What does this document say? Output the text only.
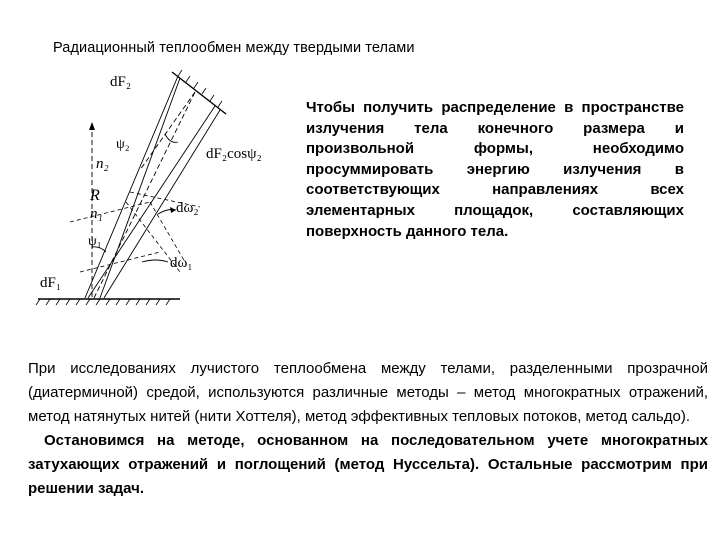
Радиационный теплообмен между твердыми телами
dF₂
dF₂cosψ₂
ψ₂
n₂
R
n₁	dω₂
ψ₁
dω₁
dF₁
Чтобы получить распределение в пространстве излучения тела конечного размера и произвольной формы, необходимо просуммировать энергию излучения в соответствующих направлениях всех элементарных площадок, составляющих поверхность данного тела.

При исследованиях лучистого теплообмена между телами, разделенными прозрачной (диатермичной) средой, используются различные методы – метод многократных отражений, метод натянутых нитей (нити Хоттеля), метод эффективных тепловых потоков, метод сальдо).

Остановимся на методе, основанном на последовательном учете многократных затухающих отражений и поглощений (метод Нуссельта). Остальные рассмотрим при решении задач.
